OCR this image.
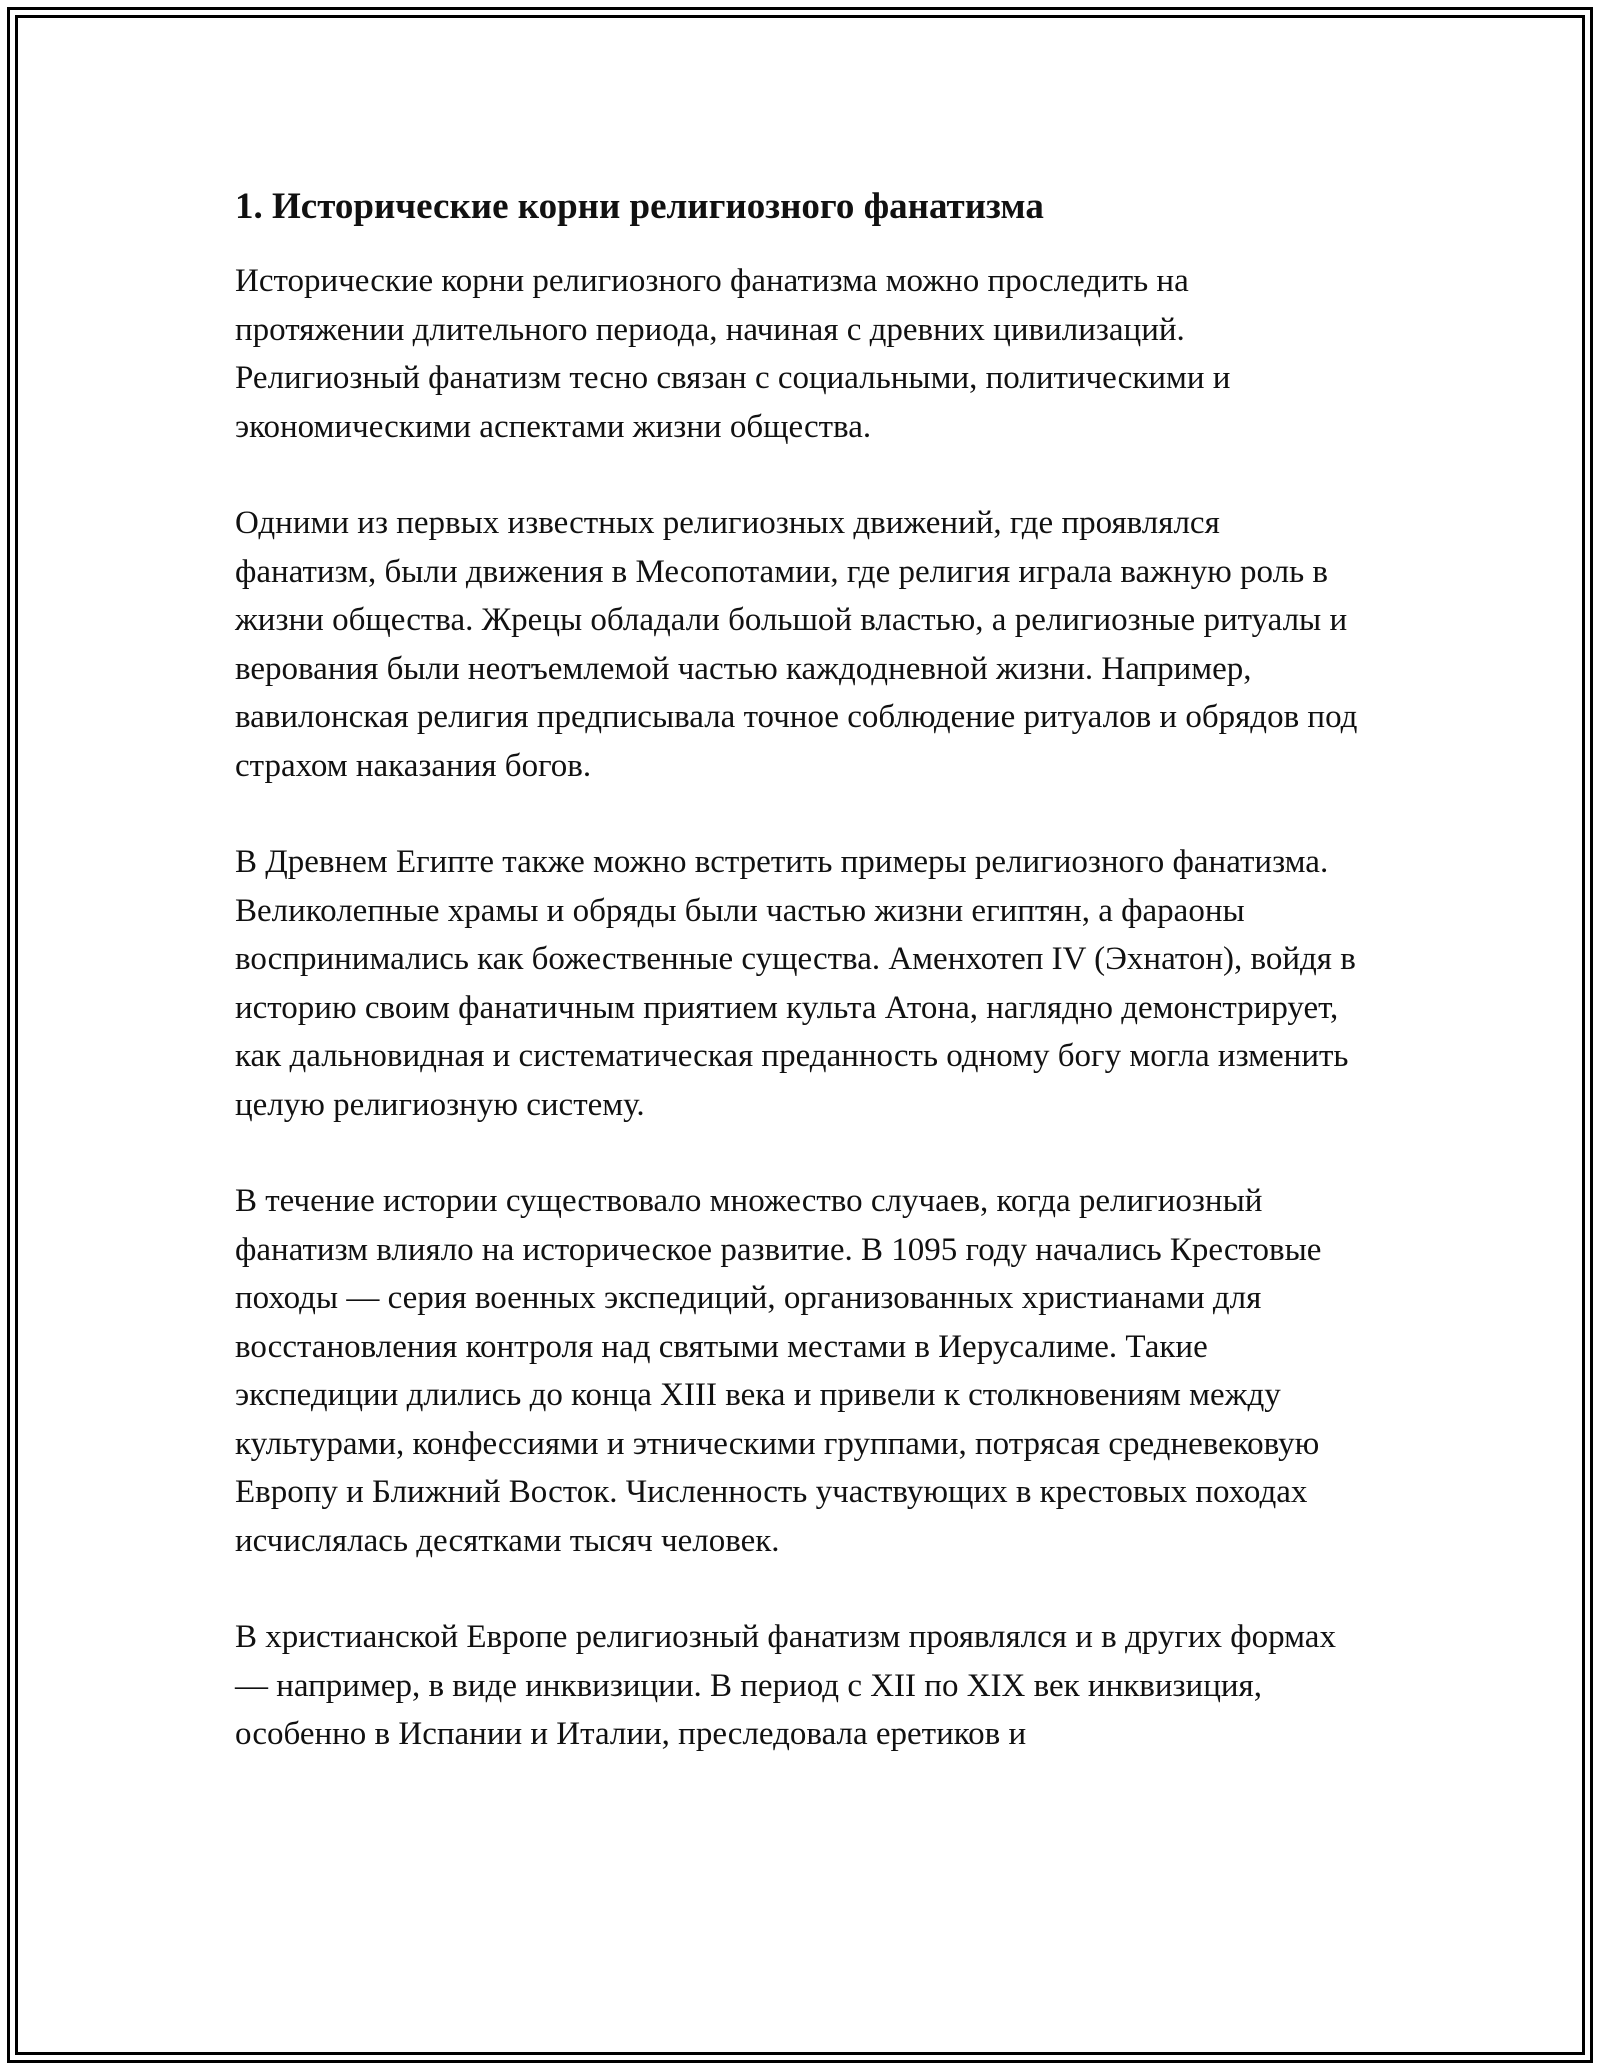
1. Исторические корни религиозного фанатизма

Исторические корни религиозного фанатизма можно проследить на протяжении длительного периода, начиная с древних цивилизаций. Религиозный фанатизм тесно связан с социальными, политическими и экономическими аспектами жизни общества.

Одними из первых известных религиозных движений, где проявлялся фанатизм, были движения в Месопотамии, где религия играла важную роль в жизни общества. Жрецы обладали большой властью, а религиозные ритуалы и верования были неотъемлемой частью каждодневной жизни. Например, вавилонская религия предписывала точное соблюдение ритуалов и обрядов под страхом наказания богов.

В Древнем Египте также можно встретить примеры религиозного фанатизма. Великолепные храмы и обряды были частью жизни египтян, а фараоны воспринимались как божественные существа. Аменхотеп IV (Эхнатон), войдя в историю своим фанатичным приятием культа Атона, наглядно демонстрирует, как дальновидная и систематическая преданность одному богу могла изменить целую религиозную систему.

В течение истории существовало множество случаев, когда религиозный фанатизм влияло на историческое развитие. В 1095 году начались Крестовые походы — серия военных экспедиций, организованных христианами для восстановления контроля над святыми местами в Иерусалиме. Такие экспедиции длились до конца XIII века и привели к столкновениям между культурами, конфессиями и этническими группами, потрясая средневековую Европу и Ближний Восток. Численность участвующих в крестовых походах исчислялась десятками тысяч человек.

В христианской Европе религиозный фанатизм проявлялся и в других формах — например, в виде инквизиции. В период с XII по XIX век инквизиция, особенно в Испании и Италии, преследовала еретиков и
